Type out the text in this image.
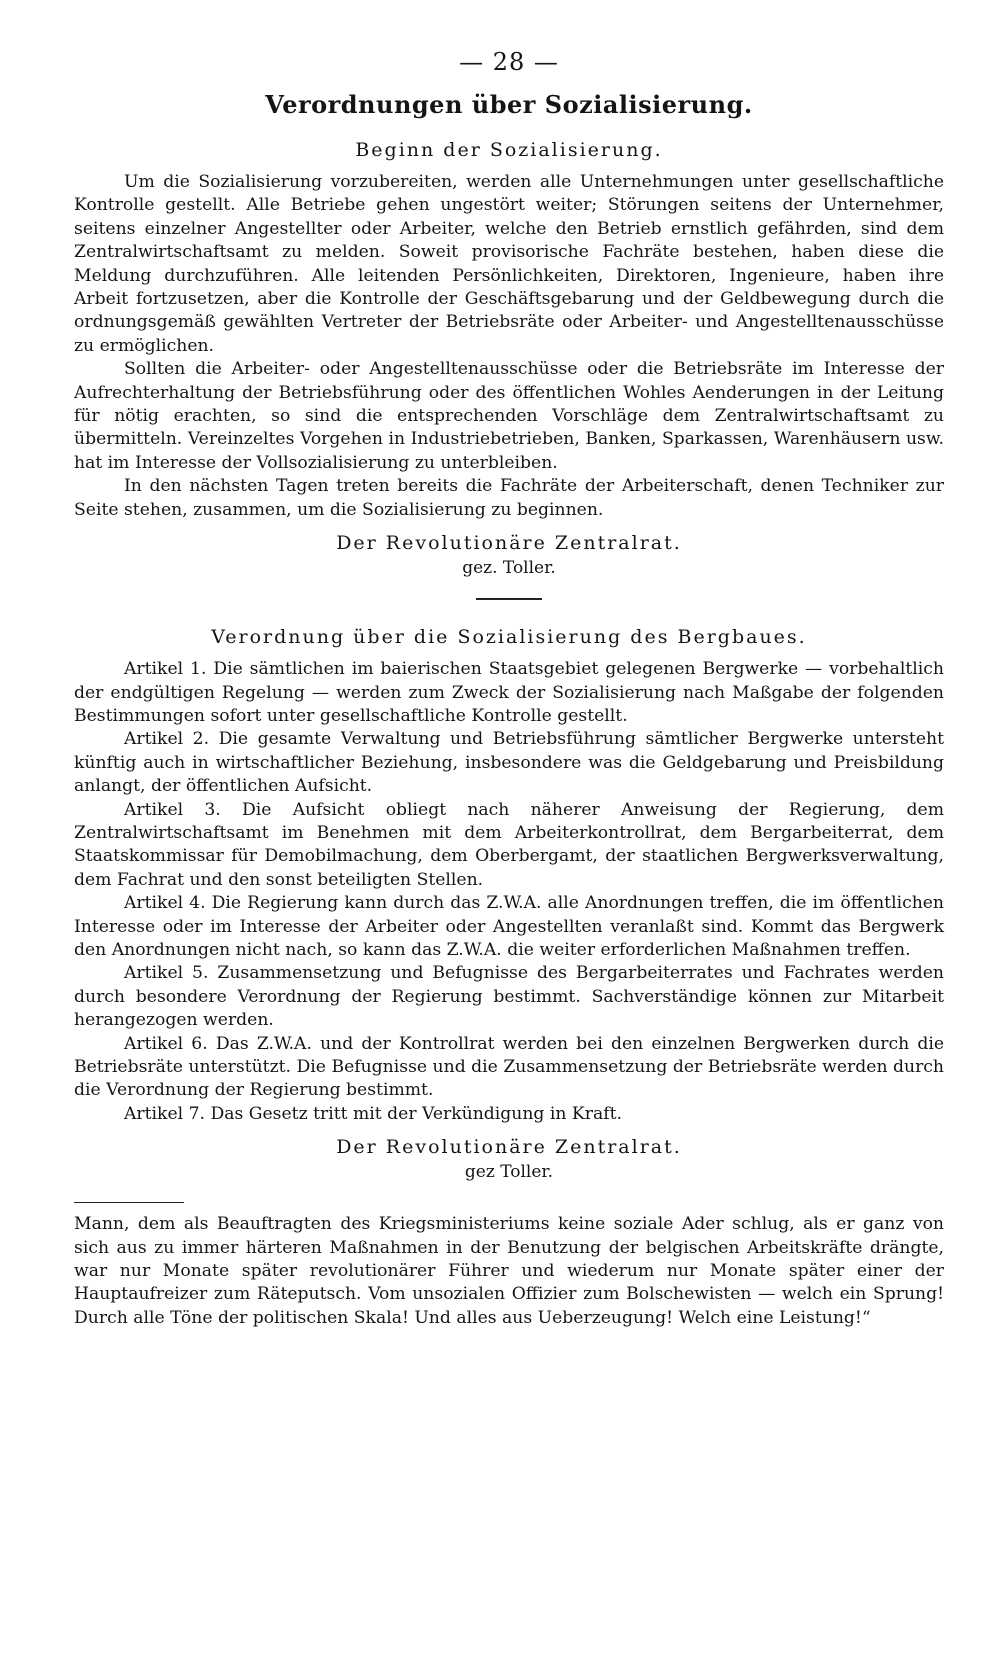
— 28 —
Verordnungen über Sozialisierung.
Beginn der Sozialisierung.

Um die Sozialisierung vorzubereiten, werden alle Unternehmungen unter gesellschaftliche Kontrolle gestellt. Alle Betriebe gehen ungestört weiter; Störungen seitens der Unternehmer, seitens einzelner Angestellter oder Arbeiter, welche den Betrieb ernstlich gefährden, sind dem Zentralwirtschaftsamt zu melden. Soweit provisorische Fachräte bestehen, haben diese die Meldung durchzuführen. Alle leitenden Persönlichkeiten, Direktoren, Ingenieure, haben ihre Arbeit fortzusetzen, aber die Kontrolle der Geschäftsgebarung und der Geldbewegung durch die ordnungsgemäß gewählten Vertreter der Betriebsräte oder Arbeiter- und Angestelltenausschüsse zu ermöglichen.

Sollten die Arbeiter- oder Angestelltenausschüsse oder die Betriebsräte im Interesse der Aufrechterhaltung der Betriebsführung oder des öffentlichen Wohles Aenderungen in der Leitung für nötig erachten, so sind die entsprechenden Vorschläge dem Zentralwirtschaftsamt zu übermitteln. Vereinzeltes Vorgehen in Industriebetrieben, Banken, Sparkassen, Warenhäusern usw. hat im Interesse der Vollsozialisierung zu unterbleiben.

In den nächsten Tagen treten bereits die Fachräte der Arbeiterschaft, denen Techniker zur Seite stehen, zusammen, um die Sozialisierung zu beginnen.

Der Revolutionäre Zentralrat.
gez. Toller.
Verordnung über die Sozialisierung des Bergbaues.

Artikel 1. Die sämtlichen im baierischen Staatsgebiet gelegenen Bergwerke — vorbehaltlich der endgültigen Regelung — werden zum Zweck der Sozialisierung nach Maßgabe der folgenden Bestimmungen sofort unter gesellschaftliche Kontrolle gestellt.

Artikel 2. Die gesamte Verwaltung und Betriebsführung sämtlicher Bergwerke untersteht künftig auch in wirtschaftlicher Beziehung, insbesondere was die Geldgebarung und Preisbildung anlangt, der öffentlichen Aufsicht.

Artikel 3. Die Aufsicht obliegt nach näherer Anweisung der Regierung, dem Zentralwirtschaftsamt im Benehmen mit dem Arbeiterkontrollrat, dem Bergarbeiterrat, dem Staatskommissar für Demobilmachung, dem Oberbergamt, der staatlichen Bergwerksverwaltung, dem Fachrat und den sonst beteiligten Stellen.

Artikel 4. Die Regierung kann durch das Z.W.A. alle Anordnungen treffen, die im öffentlichen Interesse oder im Interesse der Arbeiter oder Angestellten veranlaßt sind. Kommt das Bergwerk den Anordnungen nicht nach, so kann das Z.W.A. die weiter erforderlichen Maßnahmen treffen.

Artikel 5. Zusammensetzung und Befugnisse des Bergarbeiterrates und Fachrates werden durch besondere Verordnung der Regierung bestimmt. Sachverständige können zur Mitarbeit herangezogen werden.

Artikel 6. Das Z.W.A. und der Kontrollrat werden bei den einzelnen Bergwerken durch die Betriebsräte unterstützt. Die Befugnisse und die Zusammensetzung der Betriebsräte werden durch die Verordnung der Regierung bestimmt.

Artikel 7. Das Gesetz tritt mit der Verkündigung in Kraft.

Der Revolutionäre Zentralrat.
gez Toller.

Mann, dem als Beauftragten des Kriegsministeriums keine soziale Ader schlug, als er ganz von sich aus zu immer härteren Maßnahmen in der Benutzung der belgischen Arbeitskräfte drängte, war nur Monate später revolutionärer Führer und wiederum nur Monate später einer der Hauptaufreizer zum Räteputsch. Vom unsozialen Offizier zum Bolschewisten — welch ein Sprung! Durch alle Töne der politischen Skala! Und alles aus Ueberzeugung! Welch eine Leistung!“
